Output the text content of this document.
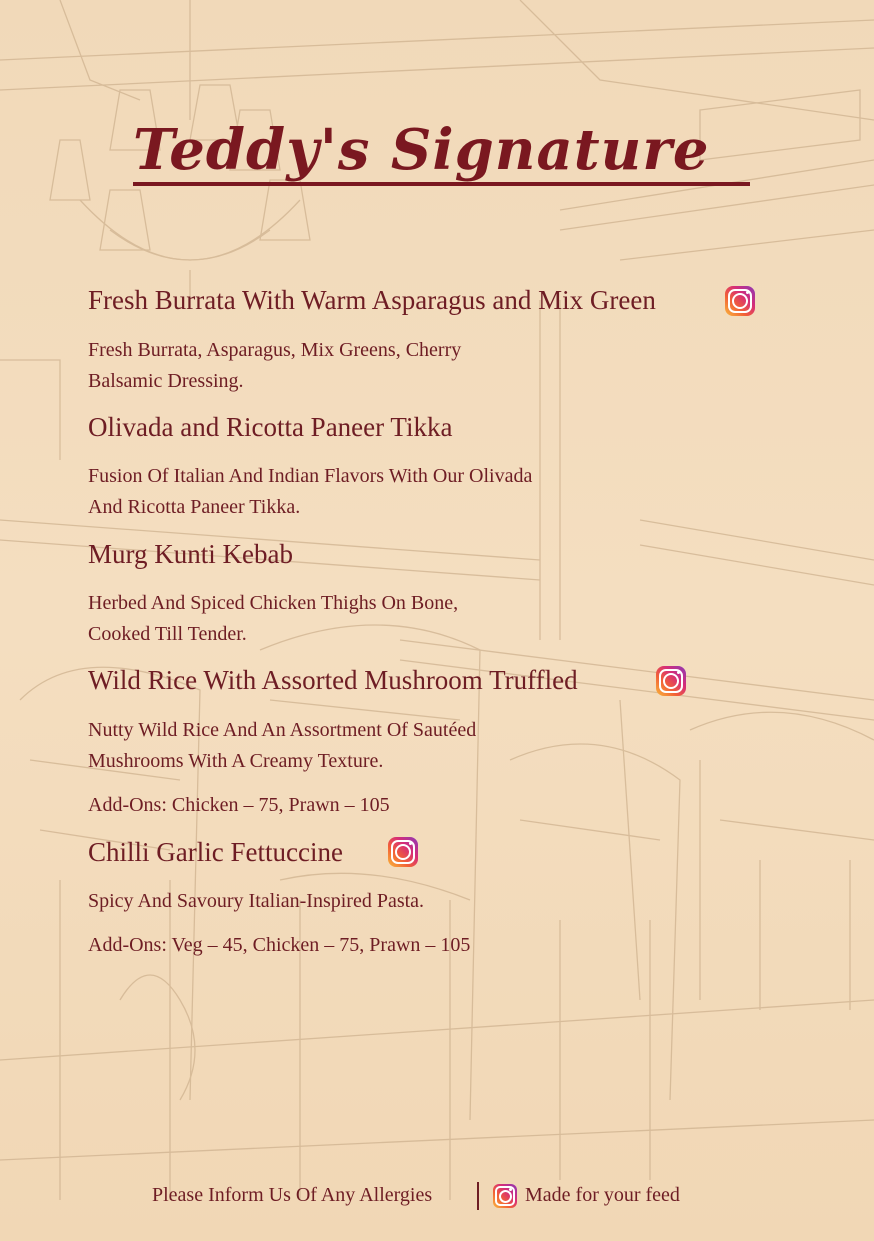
Teddy's Signature
Fresh Burrata With Warm Asparagus and Mix Green
Fresh Burrata, Asparagus, Mix Greens, Cherry
Balsamic Dressing.
Olivada and Ricotta Paneer Tikka
Fusion Of Italian And Indian Flavors With Our Olivada
And Ricotta Paneer Tikka.
Murg Kunti Kebab
Herbed And Spiced Chicken Thighs On Bone,
Cooked Till Tender.
Wild Rice With Assorted Mushroom Truffled
Nutty Wild Rice And An Assortment Of Sautéed
Mushrooms With A Creamy Texture.
Add-Ons: Chicken – 75, Prawn – 105
Chilli Garlic Fettuccine
Spicy And Savoury Italian-Inspired Pasta.
Add-Ons: Veg – 45, Chicken – 75, Prawn – 105
Please Inform Us Of Any Allergies	Made for your feed
